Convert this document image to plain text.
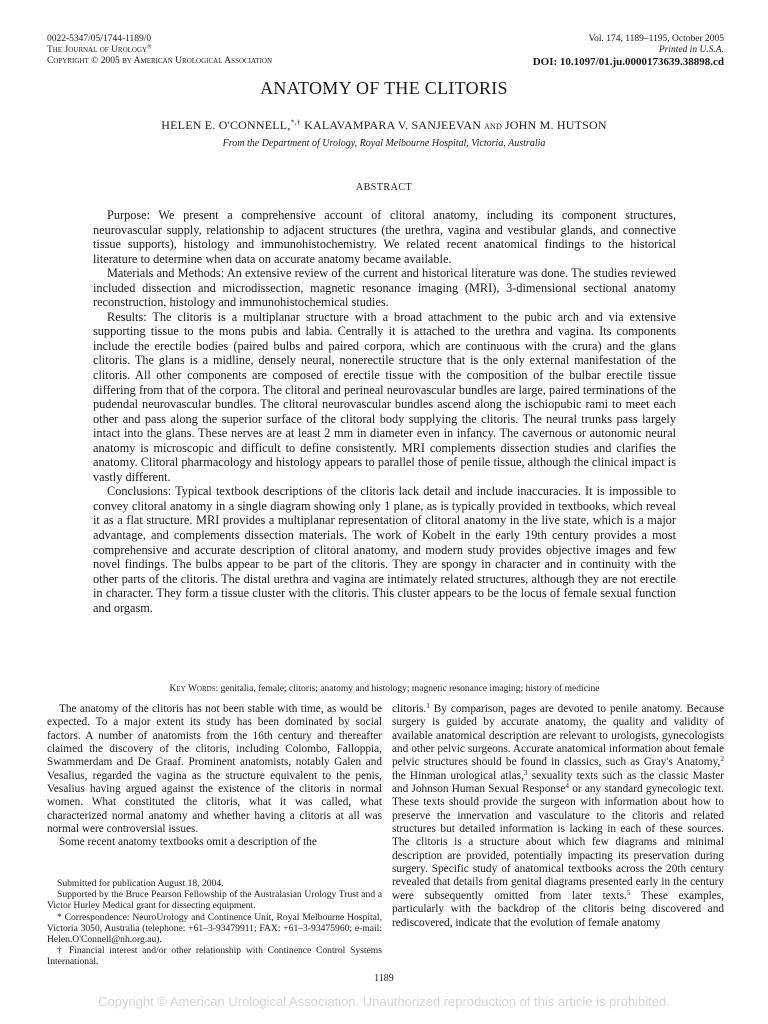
0022-5347/05/1744-1189/0
The Journal of Urology®
Copyright © 2005 by American Urological Association
Vol. 174, 1189–1195, October 2005
Printed in U.S.A.
DOI: 10.1097/01.ju.0000173639.38898.cd
ANATOMY OF THE CLITORIS
HELEN E. O'CONNELL,*,† KALAVAMPARA V. SANJEEVAN and JOHN M. HUTSON
From the Department of Urology, Royal Melbourne Hospital, Victoria, Australia
ABSTRACT

Purpose: We present a comprehensive account of clitoral anatomy, including its component structures, neurovascular supply, relationship to adjacent structures (the urethra, vagina and vestibular glands, and connective tissue supports), histology and immunohistochemistry. We related recent anatomical findings to the historical literature to determine when data on accurate anatomy became available.

Materials and Methods: An extensive review of the current and historical literature was done. The studies reviewed included dissection and microdissection, magnetic resonance imaging (MRI), 3-dimensional sectional anatomy reconstruction, histology and immunohistochemical studies.

Results: The clitoris is a multiplanar structure with a broad attachment to the pubic arch and via extensive supporting tissue to the mons pubis and labia. Centrally it is attached to the urethra and vagina. Its components include the erectile bodies (paired bulbs and paired corpora, which are continuous with the crura) and the glans clitoris. The glans is a midline, densely neural, nonerectile structure that is the only external manifestation of the clitoris. All other components are composed of erectile tissue with the composition of the bulbar erectile tissue differing from that of the corpora. The clitoral and perineal neurovascular bundles are large, paired terminations of the pudendal neurovascular bundles. The clitoral neurovascular bundles ascend along the ischiopubic rami to meet each other and pass along the superior surface of the clitoral body supplying the clitoris. The neural trunks pass largely intact into the glans. These nerves are at least 2 mm in diameter even in infancy. The cavernous or autonomic neural anatomy is microscopic and difficult to define consistently. MRI complements dissection studies and clarifies the anatomy. Clitoral pharmacology and histology appears to parallel those of penile tissue, although the clinical impact is vastly different.

Conclusions: Typical textbook descriptions of the clitoris lack detail and include inaccuracies. It is impossible to convey clitoral anatomy in a single diagram showing only 1 plane, as is typically provided in textbooks, which reveal it as a flat structure. MRI provides a multiplanar representation of clitoral anatomy in the live state, which is a major advantage, and complements dissection materials. The work of Kobelt in the early 19th century provides a most comprehensive and accurate description of clitoral anatomy, and modern study provides objective images and few novel findings. The bulbs appear to be part of the clitoris. They are spongy in character and in continuity with the other parts of the clitoris. The distal urethra and vagina are intimately related structures, although they are not erectile in character. They form a tissue cluster with the clitoris. This cluster appears to be the locus of female sexual function and orgasm.

Key Words: genitalia, female; clitoris; anatomy and histology; magnetic resonance imaging; history of medicine

The anatomy of the clitoris has not been stable with time, as would be expected. To a major extent its study has been dominated by social factors. A number of anatomists from the 16th century and thereafter claimed the discovery of the clitoris, including Colombo, Falloppia, Swammerdam and De Graaf. Prominent anatomists, notably Galen and Vesalius, regarded the vagina as the structure equivalent to the penis, Vesalius having argued against the existence of the clitoris in normal women. What constituted the clitoris, what it was called, what characterized normal anatomy and whether having a clitoris at all was normal were controversial issues.

Some recent anatomy textbooks omit a description of the

clitoris.$^1$ By comparison, pages are devoted to penile anatomy. Because surgery is guided by accurate anatomy, the quality and validity of available anatomical description are relevant to urologists, gynecologists and other pelvic surgeons. Accurate anatomical information about female pelvic structures should be found in classics, such as Gray's Anatomy,$^2$ the Hinman urological atlas,$^3$ sexuality texts such as the classic Master and Johnson Human Sexual Response$^4$ or any standard gynecologic text. These texts should provide the surgeon with information about how to preserve the innervation and vasculature to the clitoris and related structures but detailed information is lacking in each of these sources. The clitoris is a structure about which few diagrams and minimal description are provided, potentially impacting its preservation during surgery. Specific study of anatomical textbooks across the 20th century revealed that details from genital diagrams presented early in the century were subsequently omitted from later texts.$^5$ These examples, particularly with the backdrop of the clitoris being discovered and rediscovered, indicate that the evolution of female anatomy

Submitted for publication August 18, 2004.

Supported by the Bruce Pearson Fellowship of the Australasian Urology Trust and a Victor Hurley Medical grant for dissecting equipment.

* Correspondence: NeuroUrology and Continence Unit, Royal Melbourne Hospital, Victoria 3050, Australia (telephone: +61–3-93479911; FAX: +61–3-93475960; e-mail: Helen.O'Connell@nh.org.au).

† Financial interest and/or other relationship with Continence Control Systems International.

1189
Copyright © American Urological Association. Unauthorized reproduction of this article is prohibited.
